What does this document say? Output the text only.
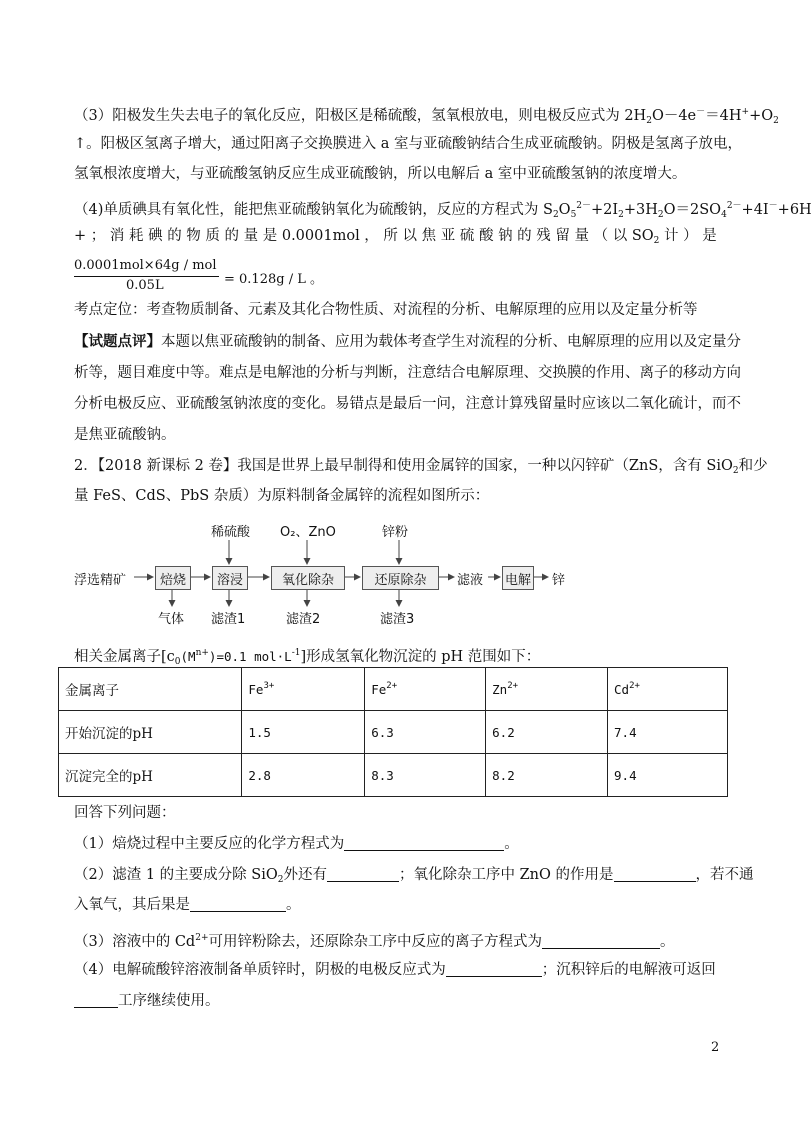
（3）阳极发生失去电子的氧化反应，阳极区是稀硫酸，氢氧根放电，则电极反应式为 $2H_2O-4e^-=4H^++O_2$
↑。阳极区氢离子增大，通过阳离子交换膜进入 a 室与亚硫酸钠结合生成亚硫酸钠。阴极是氢离子放电，
氢氧根浓度增大，与亚硫酸氢钠反应生成亚硫酸钠，所以电解后 a 室中亚硫酸氢钠的浓度增大。
（4)单质碘具有氧化性，能把焦亚硫酸钠氧化为硫酸钠，反应的方程式为 $S_2O_5^{2-}+2I_2+3H_2O=2SO_4^{2-}+4I^-+6H$
+ ； 消 耗 碘 的 物 质 的 量 是 0.0001mol ， 所 以 焦 亚 硫 酸 钠 的 残 留 量 （ 以 $SO_2$ 计 ） 是
0.0001mol×64g / mol
0.05L	= 0.128g / L 。
考点定位：考查物质制备、元素及其化合物性质、对流程的分析、电解原理的应用以及定量分析等
【试题点评】本题以焦亚硫酸钠的制备、应用为载体考查学生对流程的分析、电解原理的应用以及定量分
析等，题目难度中等。难点是电解池的分析与判断，注意结合电解原理、交换膜的作用、离子的移动方向
分析电极反应、亚硫酸氢钠浓度的变化。易错点是最后一问，注意计算残留量时应该以二氧化硫计，而不
是焦亚硫酸钠。
2．【2018 新课标 2 卷】我国是世界上最早制得和使用金属锌的国家，一种以闪锌矿（ZnS，含有 SiO$_2$和少
量 FeS、CdS、PbS 杂质）为原料制备金属锌的流程如图所示：
浮选精矿	焙烧	溶浸	氧化除杂	还原除杂	滤液 电解 锌
稀硫酸 O₂、ZnO	锌粉
气体 滤渣1	滤渣2	滤渣3
相关金属离子[$c_0(M^{n+})=0.1$ $mol\cdot L^{-1}$]形成氢氧化物沉淀的 pH 范围如下：
金属离子	$Fe^{3+}$	$Fe^{2+}$	$Zn^{2+}$	$Cd^{2+}$
开始沉淀的pH	1.5	6.3	6.2	7.4
沉淀完全的pH	2.8	8.3	8.2	9.4
回答下列问题：
（1）焙烧过程中主要反应的化学方程式为	。
（2）滤渣 1 的主要成分除 SiO$_2$外还有	；氧化除杂工序中 ZnO 的作用是	，若不通
入氧气，其后果是	。
（3）溶液中的 $Cd^{2+}$可用锌粉除去，还原除杂工序中反应的离子方程式为	。
（4）电解硫酸锌溶液制备单质锌时，阴极的电极反应式为	；沉积锌后的电解液可返回
工序继续使用。
2
